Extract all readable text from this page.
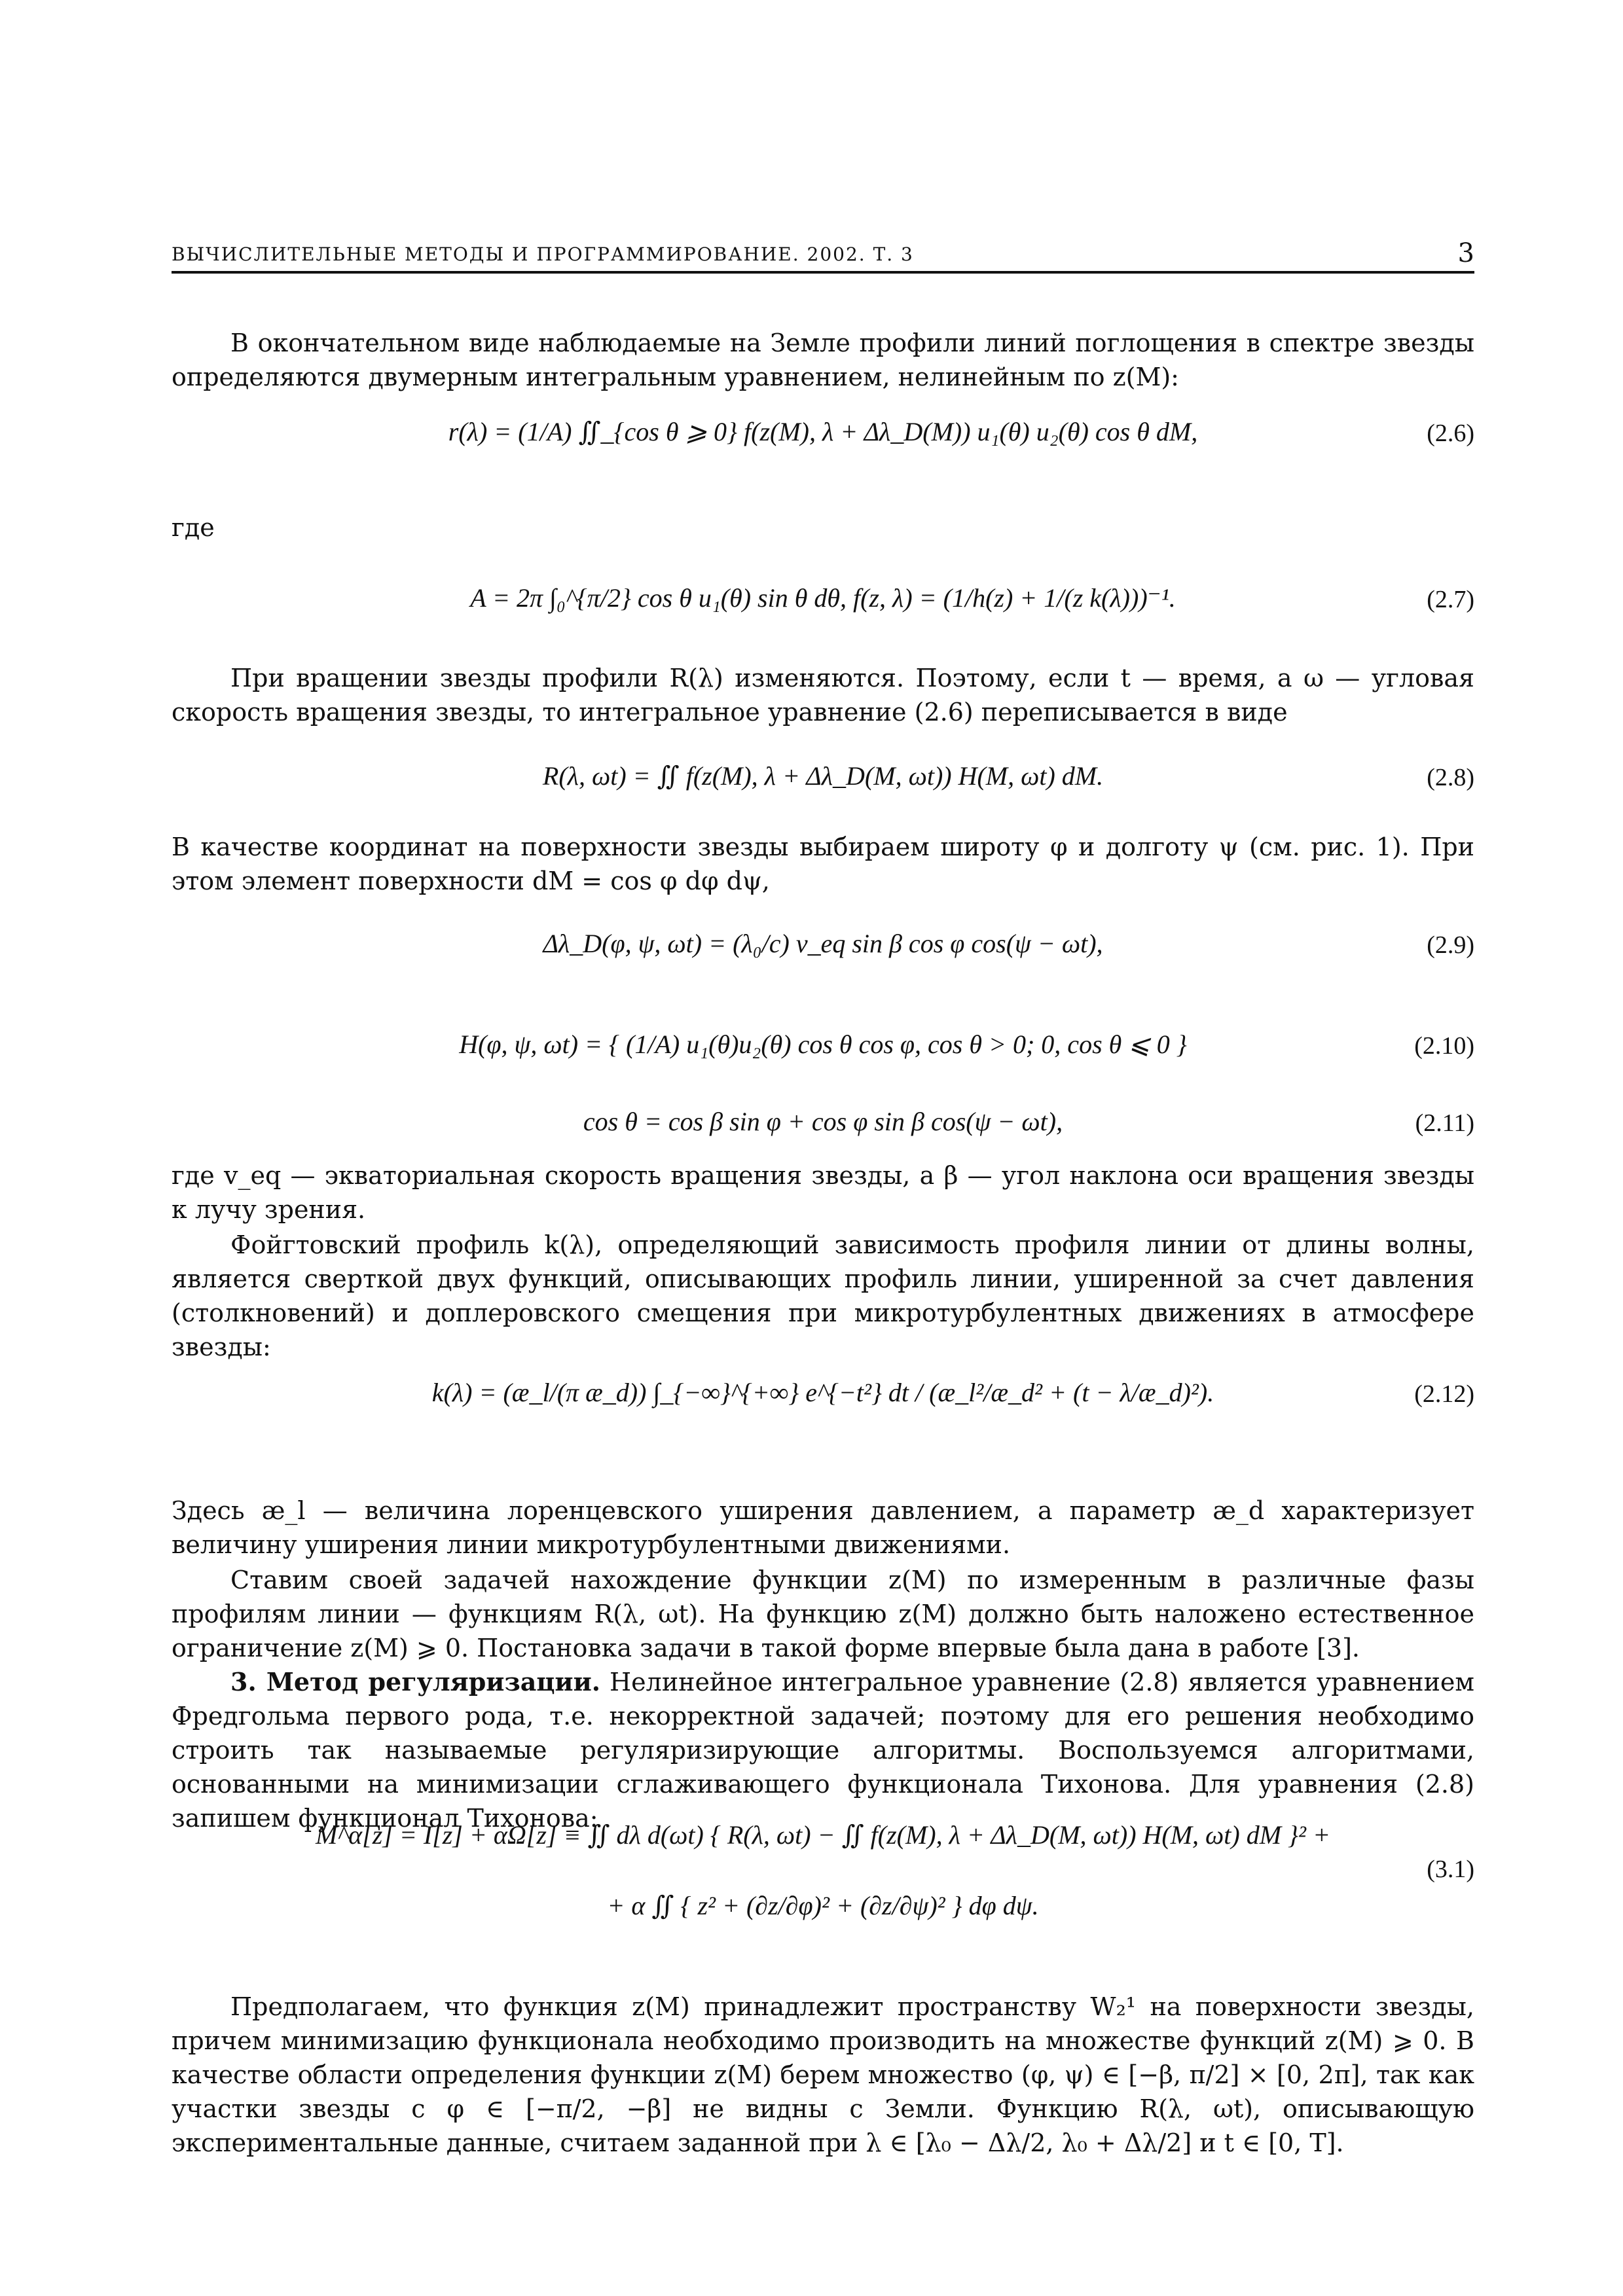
ВЫЧИСЛИТЕЛЬНЫЕ МЕТОДЫ И ПРОГРАММИРОВАНИЕ. 2002. Т. 3	3
В окончательном виде наблюдаемые на Земле профили линий поглощения в спектре звезды определяются двумерным интегральным уравнением, нелинейным по z(M):
r(λ) = (1/A) ∬_{cos θ ⩾ 0} f(z(M), λ + Δλ_D(M)) u₁(θ) u₂(θ) cos θ dM,	(2.6)
где
A = 2π ∫₀^{π/2} cos θ u₁(θ) sin θ dθ, f(z, λ) = (1/h(z) + 1/(z k(λ)))⁻¹.	(2.7)
При вращении звезды профили R(λ) изменяются. Поэтому, если t — время, а ω — угловая скорость вращения звезды, то интегральное уравнение (2.6) переписывается в виде
R(λ, ωt) = ∬ f(z(M), λ + Δλ_D(M, ωt)) H(M, ωt) dM.	(2.8)
В качестве координат на поверхности звезды выбираем широту φ и долготу ψ (см. рис. 1). При этом элемент поверхности dM = cos φ dφ dψ,
Δλ_D(φ, ψ, ωt) = (λ₀/c) v_eq sin β cos φ cos(ψ − ωt),	(2.9)
H(φ, ψ, ωt) = { (1/A) u₁(θ)u₂(θ) cos θ cos φ, cos θ > 0; 0, cos θ ⩽ 0 }	(2.10)
cos θ = cos β sin φ + cos φ sin β cos(ψ − ωt),	(2.11)
где v_eq — экваториальная скорость вращения звезды, а β — угол наклона оси вращения звезды к лучу зрения.
Фойгтовский профиль k(λ), определяющий зависимость профиля линии от длины волны, является сверткой двух функций, описывающих профиль линии, уширенной за счет давления (столкновений) и доплеровского смещения при микротурбулентных движениях в атмосфере звезды:
k(λ) = (æ_l/(π æ_d)) ∫_{−∞}^{+∞} e^{−t²} dt / (æ_l²/æ_d² + (t − λ/æ_d)²).	(2.12)
Здесь æ_l — величина лоренцевского уширения давлением, а параметр æ_d характеризует величину уширения линии микротурбулентными движениями.
Ставим своей задачей нахождение функции z(M) по измеренным в различные фазы профилям линии — функциям R(λ, ωt). На функцию z(M) должно быть наложено естественное ограничение z(M) ⩾ 0. Постановка задачи в такой форме впервые была дана в работе [3].
3. Метод регуляризации. Нелинейное интегральное уравнение (2.8) является уравнением Фредгольма первого рода, т.е. некорректной задачей; поэтому для его решения необходимо строить так называемые регуляризирующие алгоритмы. Воспользуемся алгоритмами, основанными на минимизации сглаживающего функционала Тихонова. Для уравнения (2.8) запишем функционал Тихонова:
M^α[z] = I[z] + αΩ[z] ≡ ∬ dλ d(ωt) { R(λ, ωt) − ∬ f(z(M), λ + Δλ_D(M, ωt)) H(M, ωt) dM }² +
+ α ∬ { z² + (∂z/∂φ)² + (∂z/∂ψ)² } dφ dψ.
(3.1)
Предполагаем, что функция z(M) принадлежит пространству W₂¹ на поверхности звезды, причем минимизацию функционала необходимо производить на множестве функций z(M) ⩾ 0. В качестве области определения функции z(M) берем множество (φ, ψ) ∈ [−β, π/2] × [0, 2π], так как участки звезды с φ ∈ [−π/2, −β] не видны с Земли. Функцию R(λ, ωt), описывающую экспериментальные данные, считаем заданной при λ ∈ [λ₀ − Δλ/2, λ₀ + Δλ/2] и t ∈ [0, T].
